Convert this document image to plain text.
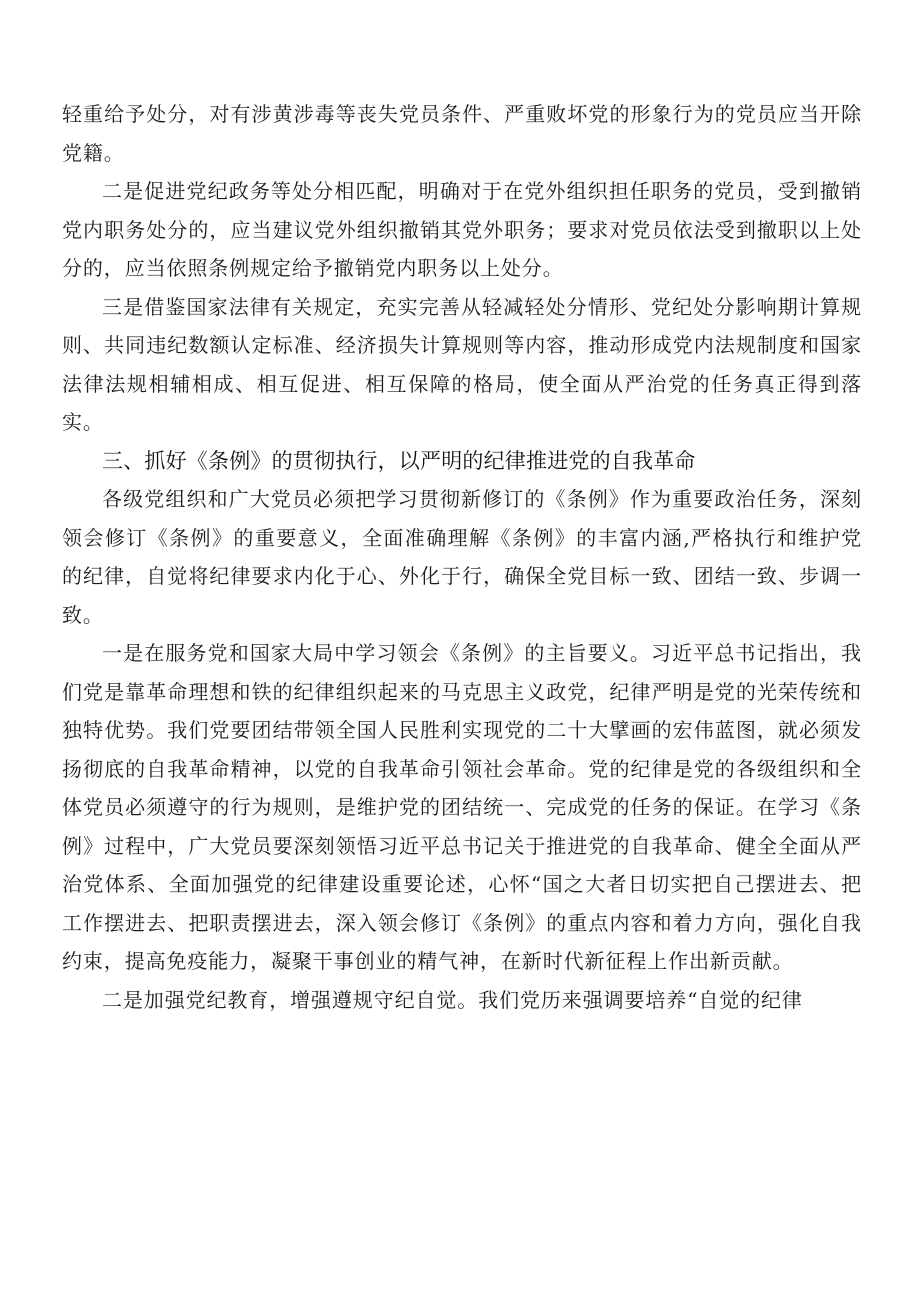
轻重给予处分，对有涉黄涉毒等丧失党员条件、严重败坏党的形象行为的党员应当开除党籍。

二是促进党纪政务等处分相匹配，明确对于在党外组织担任职务的党员，受到撤销党内职务处分的，应当建议党外组织撤销其党外职务；要求对党员依法受到撤职以上处分的，应当依照条例规定给予撤销党内职务以上处分。

三是借鉴国家法律有关规定，充实完善从轻减轻处分情形、党纪处分影响期计算规则、共同违纪数额认定标准、经济损失计算规则等内容，推动形成党内法规制度和国家法律法规相辅相成、相互促进、相互保障的格局，使全面从严治党的任务真正得到落实。

三、抓好《条例》的贯彻执行，以严明的纪律推进党的自我革命

各级党组织和广大党员必须把学习贯彻新修订的《条例》作为重要政治任务，深刻领会修订《条例》的重要意义，全面准确理解《条例》的丰富内涵,严格执行和维护党的纪律，自觉将纪律要求内化于心、外化于行，确保全党目标一致、团结一致、步调一致。

一是在服务党和国家大局中学习领会《条例》的主旨要义。习近平总书记指出，我们党是靠革命理想和铁的纪律组织起来的马克思主义政党，纪律严明是党的光荣传统和独特优势。我们党要团结带领全国人民胜利实现党的二十大擘画的宏伟蓝图，就必须发扬彻底的自我革命精神，以党的自我革命引领社会革命。党的纪律是党的各级组织和全体党员必须遵守的行为规则，是维护党的团结统一、完成党的任务的保证。在学习《条例》过程中，广大党员要深刻领悟习近平总书记关于推进党的自我革命、健全全面从严治党体系、全面加强党的纪律建设重要论述，心怀“国之大者日切实把自己摆进去、把工作摆进去、把职责摆进去，深入领会修订《条例》的重点内容和着力方向，强化自我约束，提高免疫能力，凝聚干事创业的精气神，在新时代新征程上作出新贡献。

二是加强党纪教育，增强遵规守纪自觉。我们党历来强调要培养“自觉的纪律
